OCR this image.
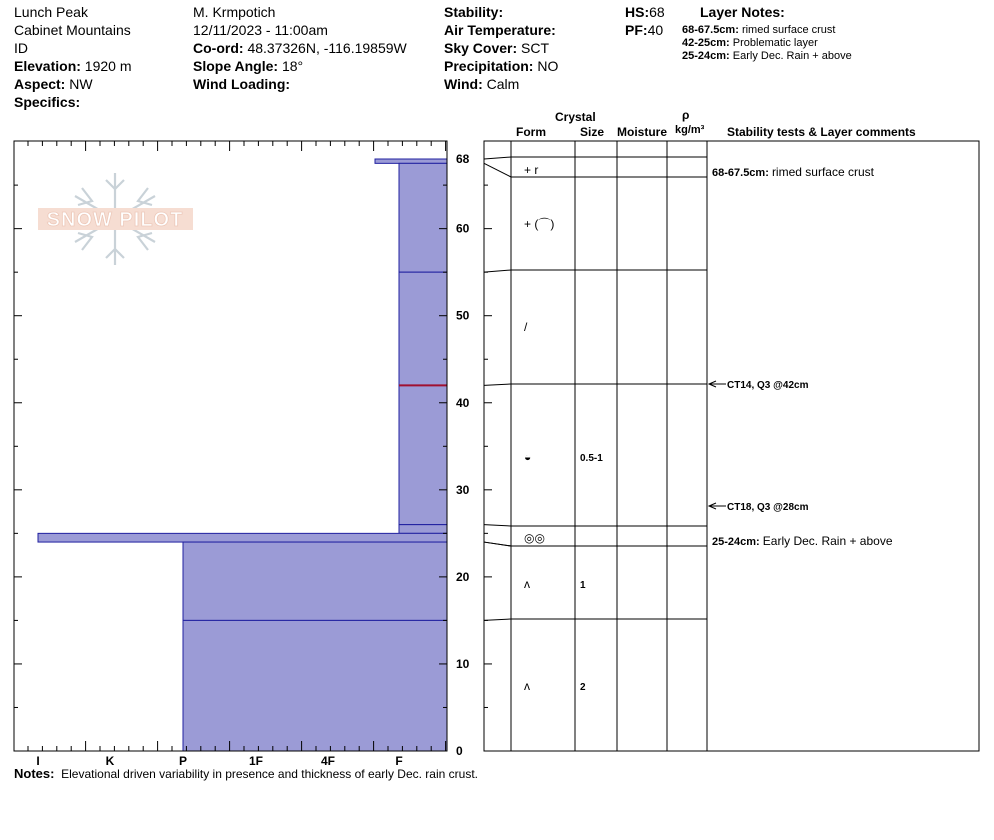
Lunch Peak
Cabinet Mountains
ID
Elevation: 1920 m
Aspect: NW
Specifics:
M. Krmpotich
12/11/2023 - 11:00am
Co-ord: 48.37326N, -116.19859W
Slope Angle: 18°
Wind Loading:
Stability:
Air Temperature:
Sky Cover: SCT
Precipitation: NO
Wind: Calm
HS:68
PF:40
Layer Notes:
68-67.5cm: rimed surface crust
42-25cm: Problematic layer
25-24cm: Early Dec. Rain + above
Crystal
Form	Size Moisture
ρ
kg/m³ Stability tests & Layer comments
Notes: Elevational driven variability in presence and thickness of early Dec. rain crust.
SNOW PILOT
0
10
20
30
40
50
60
68
I	K	P	1F	4F	F
+ r
+ (⌒)
/
◒	0.5-1
◎◎
ʌ	1
ʌ	2
68-67.5cm: rimed surface crust
25-24cm: Early Dec. Rain + above
CT14, Q3 @42cm
CT18, Q3 @28cm
